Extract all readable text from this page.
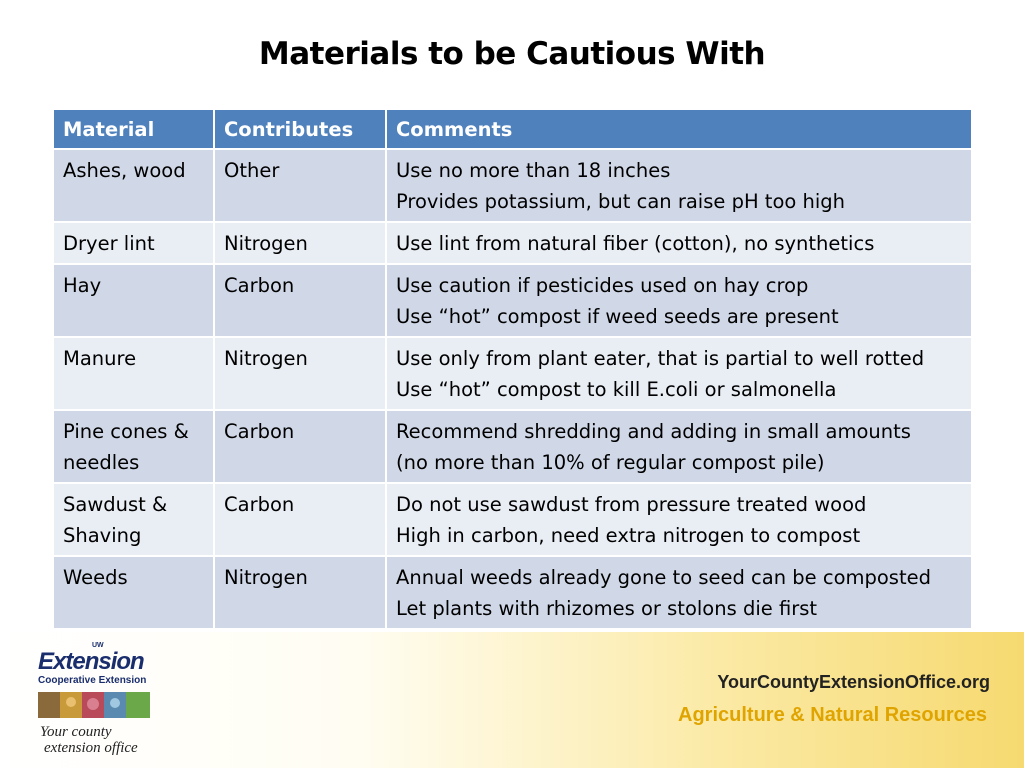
Materials to be Cautious With
Material	Contributes	Comments

Ashes, wood	Other	Use no more than 18 inches
Provides potassium, but can raise pH too high

Dryer lint	Nitrogen	Use lint from natural fiber (cotton), no synthetics

Hay	Carbon	Use caution if pesticides used on hay crop
Use “hot” compost if weed seeds are present

Manure	Nitrogen	Use only from plant eater, that is partial to well rotted
Use “hot” compost to kill E.coli or salmonella

Pine cones &
needles	Carbon	Recommend shredding and adding in small amounts
(no more than 10% of regular compost pile)

Sawdust &
Shaving	Carbon	Do not use sawdust from pressure treated wood
High in carbon, need extra nitrogen to compost

Weeds	Nitrogen	Annual weeds already gone to seed can be composted
Let plants with rhizomes or stolons die first
UW
Extension
Cooperative Extension
Your county
extension office
YourCountyExtensionOffice.org
Agriculture & Natural Resources
